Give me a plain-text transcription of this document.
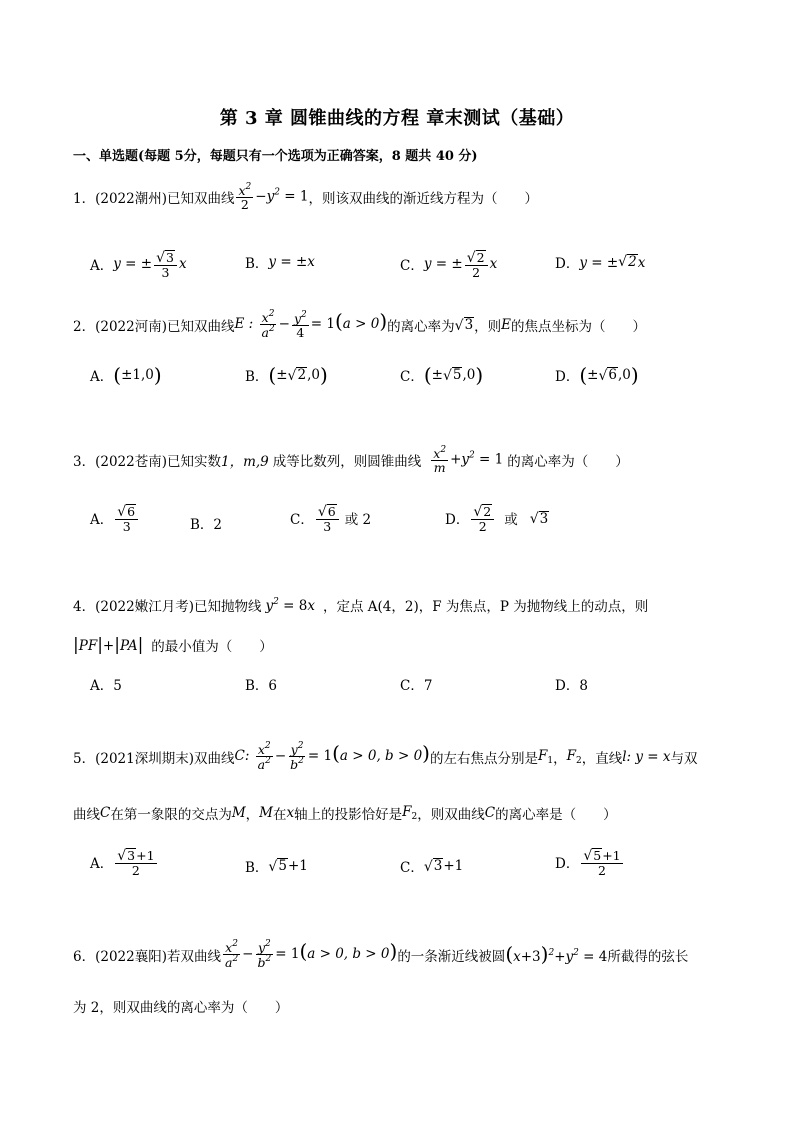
第 3 章 圆锥曲线的方程 章末测试（基础）
一、单选题(每题 5分，每题只有一个选项为正确答案，8 题共 40 分)
1．(2022潮州) 已知双曲线 $\frac{x^2}{2} -y^2 = 1$ ，则该双曲线的渐近线方程为（　　）
A． y = ± $\frac{√ 3}{3}$ x	B． y = ±x	C． y = ± $\frac{√ 2}{2}$ x	D． y = ± √ 2 x
2．(2022河南) 已知双曲线 E : $\frac{x^2}{a^2} - \frac{y^2}{4} = 1(a > 0)$ 的离心率为 √ 3 ，则 E 的焦点坐标为（　　）
A． ( ±1,0 )	B． ( ± √ 2 ,0 )	C． ( ± √ 5 ,0 )	D． ( ± √ 6 ,0 )
3．(2022苍南) 已知实数 1，m,9 成等比数列，则圆锥曲线 $\frac{x^2}{m} +y^2 = 1$ 的离心率为（　　）
A． $\frac{√ 6}{3}$	B．2	C． $\frac{√ 6}{3}$ 或 2	D． $\frac{√ 2}{2}$ 或 √ 3
4．(2022嫩江月考) 已知抛物线 $y^2 = 8x$ ，定点 A(4，2)，F 为焦点，P 为抛物线上的动点，则
|PF|+|PA| 的最小值为（　　）
A．5	B．6	C．7	D．8
5．(2021深圳期末) 双曲线 C: $\frac{x^2}{a^2} - \frac{y^2}{b^2} = 1(a > 0$, b > 0) 的左右焦点分别是 $F_1$ ， $F_2$ ，直线 l: y = x 与双
曲线 C 在第一象限的交点为 M ， M 在 x 轴上的投影恰好是 $F_2$ ，则双曲线 C 的离心率是（　　）
A． $\frac{√ 3 +1}{2}$	B． √ 5 +1	C． √ 3 +1	D． $\frac{√ 5 +1}{2}$
6．(2022襄阳) 若双曲线 $\frac{x^2}{a^2} - \frac{y^2}{b^2} = 1(a > 0$, b > 0) 的一条渐近线被圆 $(x+3)^2+y^2 = 4$ 所截得的弦长
为 2，则双曲线的离心率为（　　）
